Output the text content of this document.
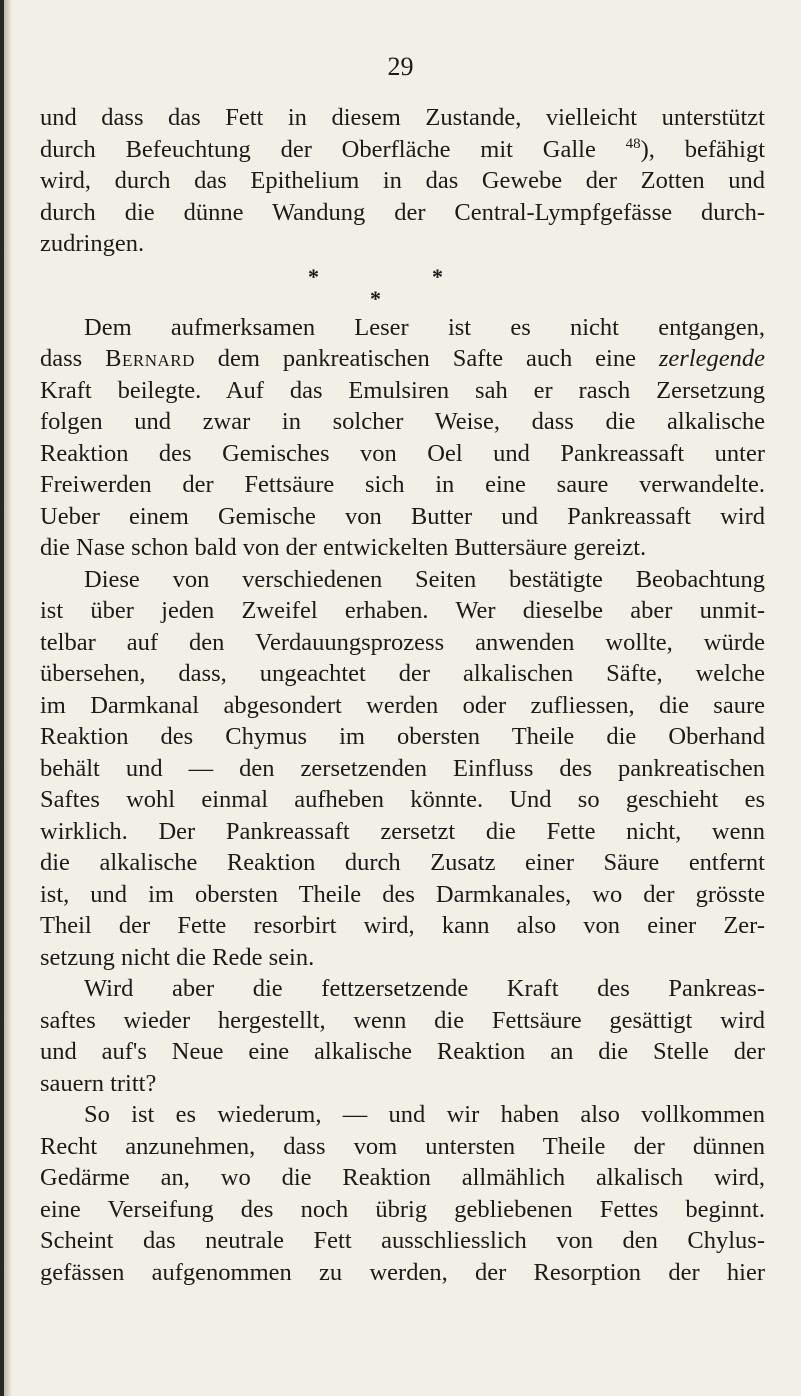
29
und dass das Fett in diesem Zustande, vielleicht unterstützt
durch Befeuchtung der Oberfläche mit Galle $^{48}$), befähigt
wird, durch das Epithelium in das Gewebe der Zotten und
durch die dünne Wandung der Central-Lympfgefässe durch-
zudringen.
*	*
*
Dem aufmerksamen Leser ist es nicht entgangen,
dass Bernard dem pankreatischen Safte auch eine zerlegende
Kraft beilegte. Auf das Emulsiren sah er rasch Zersetzung
folgen und zwar in solcher Weise, dass die alkalische
Reaktion des Gemisches von Oel und Pankreassaft unter
Freiwerden der Fettsäure sich in eine saure verwandelte.
Ueber einem Gemische von Butter und Pankreassaft wird
die Nase schon bald von der entwickelten Buttersäure gereizt.
Diese von verschiedenen Seiten bestätigte Beobachtung
ist über jeden Zweifel erhaben. Wer dieselbe aber unmit-
telbar auf den Verdauungsprozess anwenden wollte, würde
übersehen, dass, ungeachtet der alkalischen Säfte, welche
im Darmkanal abgesondert werden oder zufliessen, die saure
Reaktion des Chymus im obersten Theile die Oberhand
behält und — den zersetzenden Einfluss des pankreatischen
Saftes wohl einmal aufheben könnte. Und so geschieht es
wirklich. Der Pankreassaft zersetzt die Fette nicht, wenn
die alkalische Reaktion durch Zusatz einer Säure entfernt
ist, und im obersten Theile des Darmkanales, wo der grösste
Theil der Fette resorbirt wird, kann also von einer Zer-
setzung nicht die Rede sein.
Wird aber die fettzersetzende Kraft des Pankreas-
saftes wieder hergestellt, wenn die Fettsäure gesättigt wird
und auf's Neue eine alkalische Reaktion an die Stelle der
sauern tritt?
So ist es wiederum, — und wir haben also vollkommen
Recht anzunehmen, dass vom untersten Theile der dünnen
Gedärme an, wo die Reaktion allmählich alkalisch wird,
eine Verseifung des noch übrig gebliebenen Fettes beginnt.
Scheint das neutrale Fett ausschliesslich von den Chylus-
gefässen aufgenommen zu werden, der Resorption der hier
